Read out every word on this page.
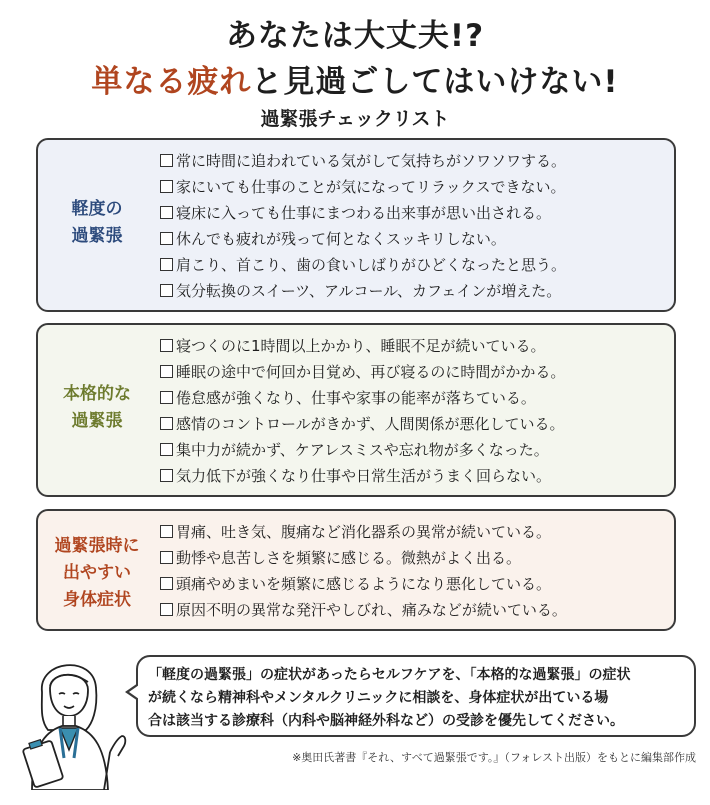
あなたは大丈夫!?
単なる疲れと見過ごしてはいけない!
過緊張チェックリスト
軽度の
過緊張
常に時間に追われている気がして気持ちがソワソワする。
家にいても仕事のことが気になってリラックスできない。
寝床に入っても仕事にまつわる出来事が思い出される。
休んでも疲れが残って何となくスッキリしない。
肩こり、首こり、歯の食いしばりがひどくなったと思う。
気分転換のスイーツ、アルコール、カフェインが増えた。
本格的な
過緊張
寝つくのに1時間以上かかり、睡眠不足が続いている。
睡眠の途中で何回か目覚め、再び寝るのに時間がかかる。
倦怠感が強くなり、仕事や家事の能率が落ちている。
感情のコントロールがきかず、人間関係が悪化している。
集中力が続かず、ケアレスミスや忘れ物が多くなった。
気力低下が強くなり仕事や日常生活がうまく回らない。
過緊張時に
出やすい
身体症状
胃痛、吐き気、腹痛など消化器系の異常が続いている。
動悸や息苦しさを頻繁に感じる。微熱がよく出る。
頭痛やめまいを頻繁に感じるようになり悪化している。
原因不明の異常な発汗やしびれ、痛みなどが続いている。
「軽度の過緊張」の症状があったらセルフケアを、「本格的な過緊張」の症状
が続くなら精神科やメンタルクリニックに相談を、身体症状が出ている場
合は該当する診療科（内科や脳神経外科など）の受診を優先してください。
※奥田氏著書『それ、すべて過緊張です。』（フォレスト出版）をもとに編集部作成
